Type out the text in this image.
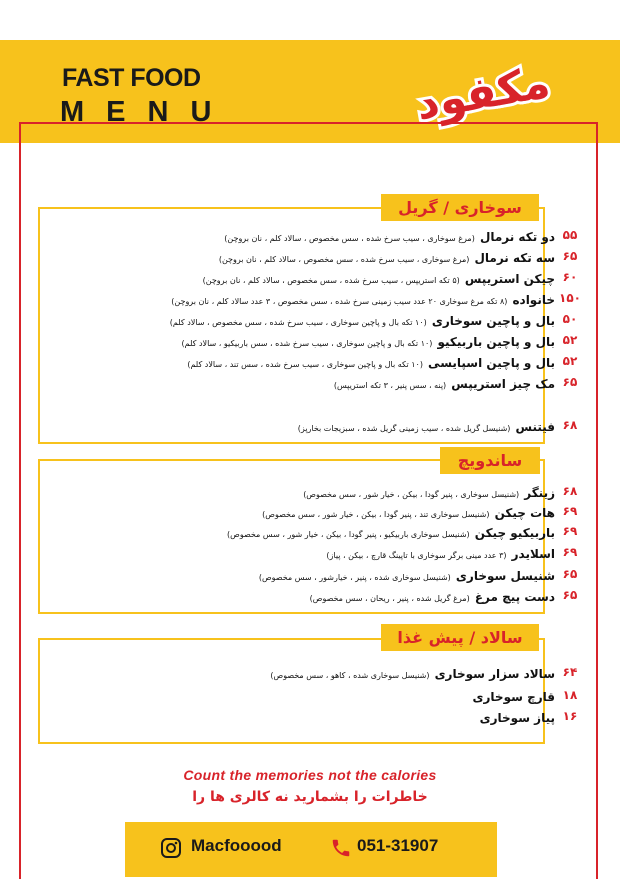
FAST FOOD
MENU	مکفود
سوخاری / گریل
ساندویچ
سالاد / پیش غذا
دو تکه نرمال (مرغ سوخاری ، سیب سرخ شده ، سس مخصوص ، سالاد کلم ، نان بروچن)	۵۵
سه تکه نرمال (مرغ سوخاری ، سیب سرخ شده ، سس مخصوص ، سالاد کلم ، نان بروچن)	۶۵
چیکن استریپس (۵ تکه استریپس ، سیب سرخ شده ، سس مخصوص ، سالاد کلم ، نان بروچن)	۶۰
خانواده (۸ تکه مرغ سوخاری ۲۰ عدد سیب زمینی سرخ شده ، سس مخصوص ، ۳ عدد سالاد کلم ، نان بروچن)	۱۵۰
بال و پاچین سوخاری (۱۰ تکه بال و پاچین سوخاری ، سیب سرخ شده ، سس مخصوص ، سالاد کلم)	۵۰
بال و پاچین باربیکیو (۱۰ تکه بال و پاچین سوخاری ، سیب سرخ شده ، سس باربیکیو ، سالاد کلم)	۵۲
بال و پاچین اسپایسی (۱۰ تکه بال و پاچین سوخاری ، سیب سرخ شده ، سس تند ، سالاد کلم)	۵۲
مک چیز استریپس (پنه ، سس پنیر ، ۳ تکه استریپس)	۶۵
فیتنس (شنیسل گریل شده ، سیب زمینی گریل شده ، سبزیجات بخارپز)	۶۸
زینگر (شنیسل سوخاری ، پنیر گودا ، بیکن ، خیار شور ، سس مخصوص)	۶۸
هات چیکن (شنیسل سوخاری تند ، پنیر گودا ، بیکن ، خیار شور ، سس مخصوص)	۶۹
باربیکیو چیکن (شنیسل سوخاری باربیکیو ، پنیر گودا ، بیکن ، خیار شور ، سس مخصوص)	۶۹
اسلایدر (۳ عدد مینی برگر سوخاری با تاپینگ قارچ ، بیکن ، پیاز)	۶۹
شنیسل سوخاری (شنیسل سوخاری شده ، پنیر ، خیارشور ، سس مخصوص)	۶۵
دست پیچ مرغ (مرغ گریل شده ، پنیر ، ریحان ، سس مخصوص)	۶۵
سالاد سزار سوخاری (شنیسل سوخاری شده ، کاهو ، سس مخصوص)	۶۴
قارچ سوخاری ۱۸
پیاز سوخاری ۱۶
Count the memories not the calories
خاطرات را بشمارید نه کالری ها را
Macfooood	051-31907
